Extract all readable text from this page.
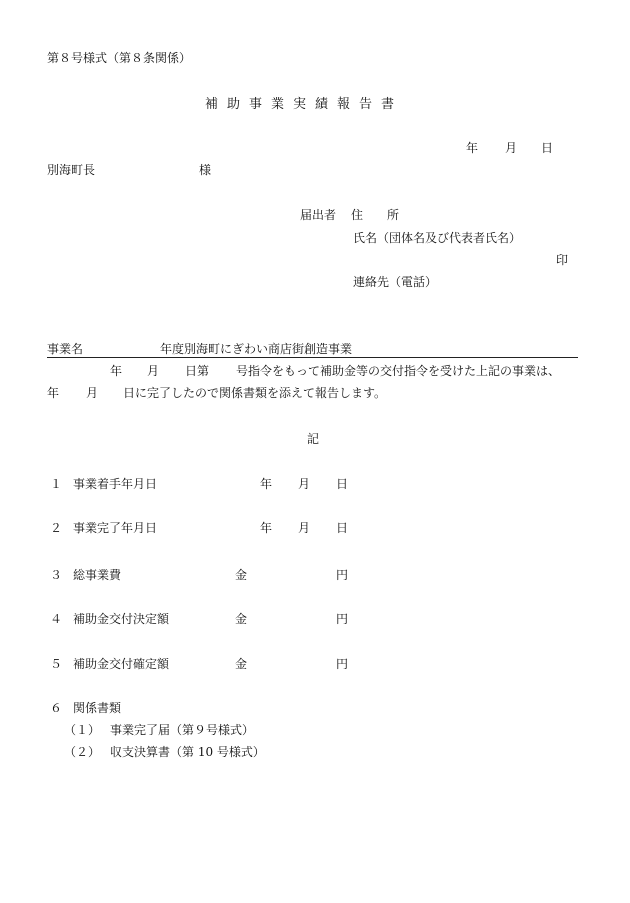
第８号様式（第８条関係）
補助事業実績報告書
年 月 日
別海町長	様
届出者 住　　所
氏名（団体名及び代表者氏名）
印
連絡先（電話）
事業名	年度別海町にぎわい商店街創造事業
年 月 日第 号指令をもって補助金等の交付指令を受けた上記の事業は、
年 月 日に完了したので関係書類を添えて報告します。
記
１ 事業着手年月日	年 月 日
２ 事業完了年月日	年 月 日
３ 総事業費	金	円
４ 補助金交付決定額	金	円
５ 補助金交付確定額	金	円
６ 関係書類
（１） 事業完了届（第９号様式）
（２） 収支決算書（第 10 号様式）
